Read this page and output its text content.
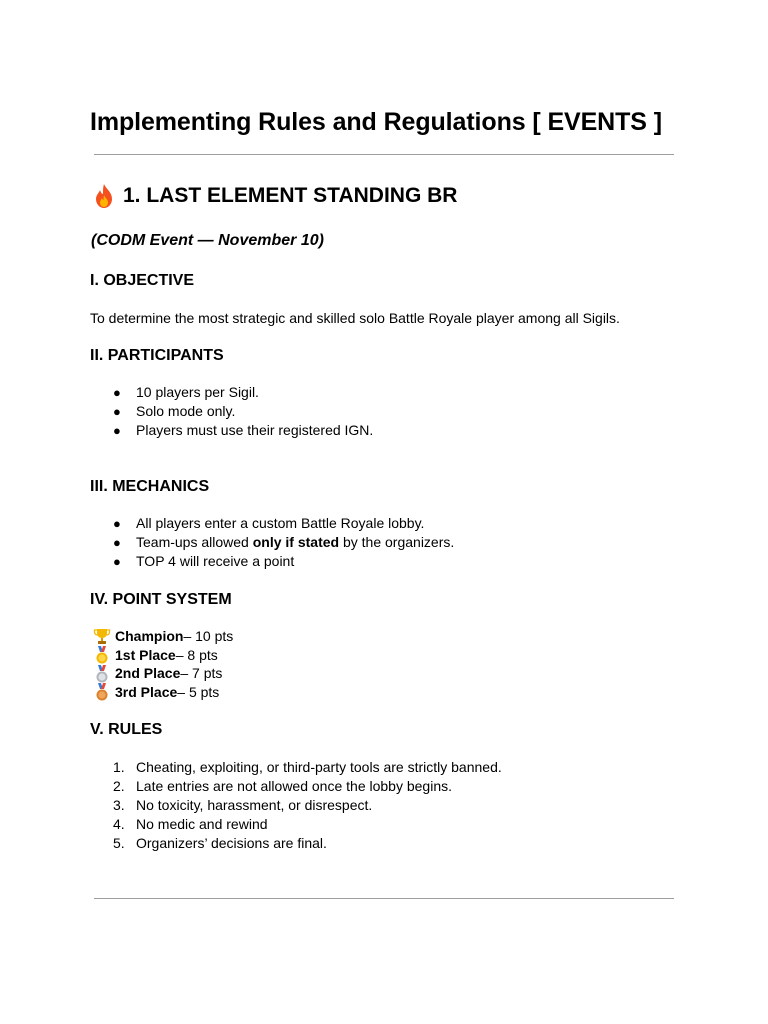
Implementing Rules and Regulations [ EVENTS ]
1. LAST ELEMENT STANDING BR
(CODM Event — November 10)
I. OBJECTIVE
To determine the most strategic and skilled solo Battle Royale player among all Sigils.
II. PARTICIPANTS
●	10 players per Sigil.
●	Solo mode only.
●	Players must use their registered IGN.
III. MECHANICS
●	All players enter a custom Battle Royale lobby.
●	Team-ups allowed only if stated by the organizers.
●	TOP 4 will receive a point
IV. POINT SYSTEM
Champion – 10 pts
1st Place – 8 pts
2nd Place – 7 pts
3rd Place – 5 pts
V. RULES
1. Cheating, exploiting, or third-party tools are strictly banned.
2. Late entries are not allowed once the lobby begins.
3. No toxicity, harassment, or disrespect.
4. No medic and rewind
5. Organizers’ decisions are final.
